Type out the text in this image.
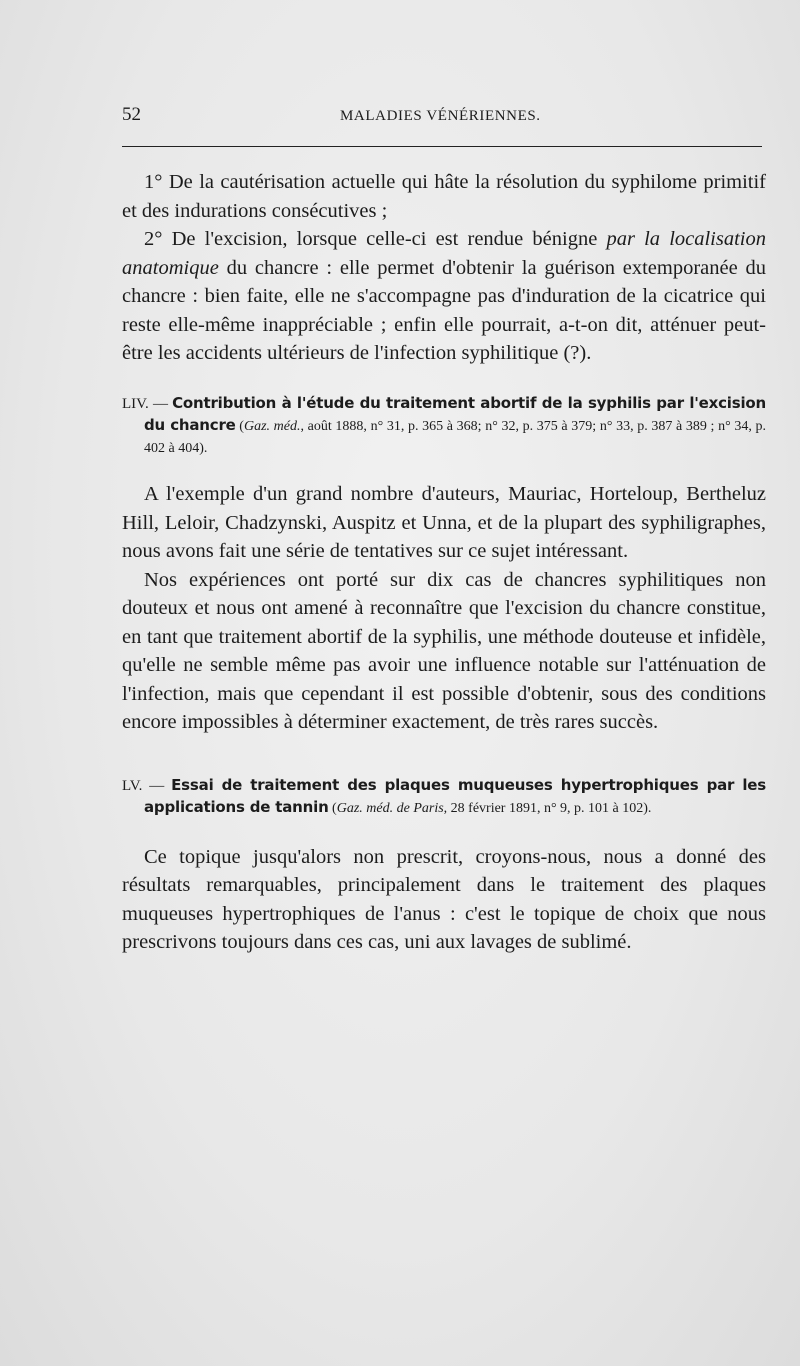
52	MALADIES VÉNÉRIENNES.

1° De la cautérisation actuelle qui hâte la résolution du syphilome primitif et des indurations consécutives ;

2° De l'excision, lorsque celle-ci est rendue bénigne par la localisation anatomique du chancre : elle permet d'obtenir la guérison extemporanée du chancre : bien faite, elle ne s'accompagne pas d'induration de la cicatrice qui reste elle-même inappréciable ; enfin elle pourrait, a-t-on dit, atténuer peut-être les accidents ultérieurs de l'infection syphilitique (?).

LIV. — Contribution à l'étude du traitement abortif de la syphilis par l'excision du chancre (Gaz. méd., août 1888, n° 31, p. 365 à 368; n° 32, p. 375 à 379; n° 33, p. 387 à 389 ; n° 34, p. 402 à 404).

A l'exemple d'un grand nombre d'auteurs, Mauriac, Horteloup, Bertheluz Hill, Leloir, Chadzynski, Auspitz et Unna, et de la plupart des syphiligraphes, nous avons fait une série de tentatives sur ce sujet intéressant.

Nos expériences ont porté sur dix cas de chancres syphilitiques non douteux et nous ont amené à reconnaître que l'excision du chancre constitue, en tant que traitement abortif de la syphilis, une méthode douteuse et infidèle, qu'elle ne semble même pas avoir une influence notable sur l'atténuation de l'infection, mais que cependant il est possible d'obtenir, sous des conditions encore impossibles à déterminer exactement, de très rares succès.

LV. — Essai de traitement des plaques muqueuses hypertrophiques par les applications de tannin (Gaz. méd. de Paris, 28 février 1891, n° 9, p. 101 à 102).

Ce topique jusqu'alors non prescrit, croyons-nous, nous a donné des résultats remarquables, principalement dans le traitement des plaques muqueuses hypertrophiques de l'anus : c'est le topique de choix que nous prescrivons toujours dans ces cas, uni aux lavages de sublimé.
